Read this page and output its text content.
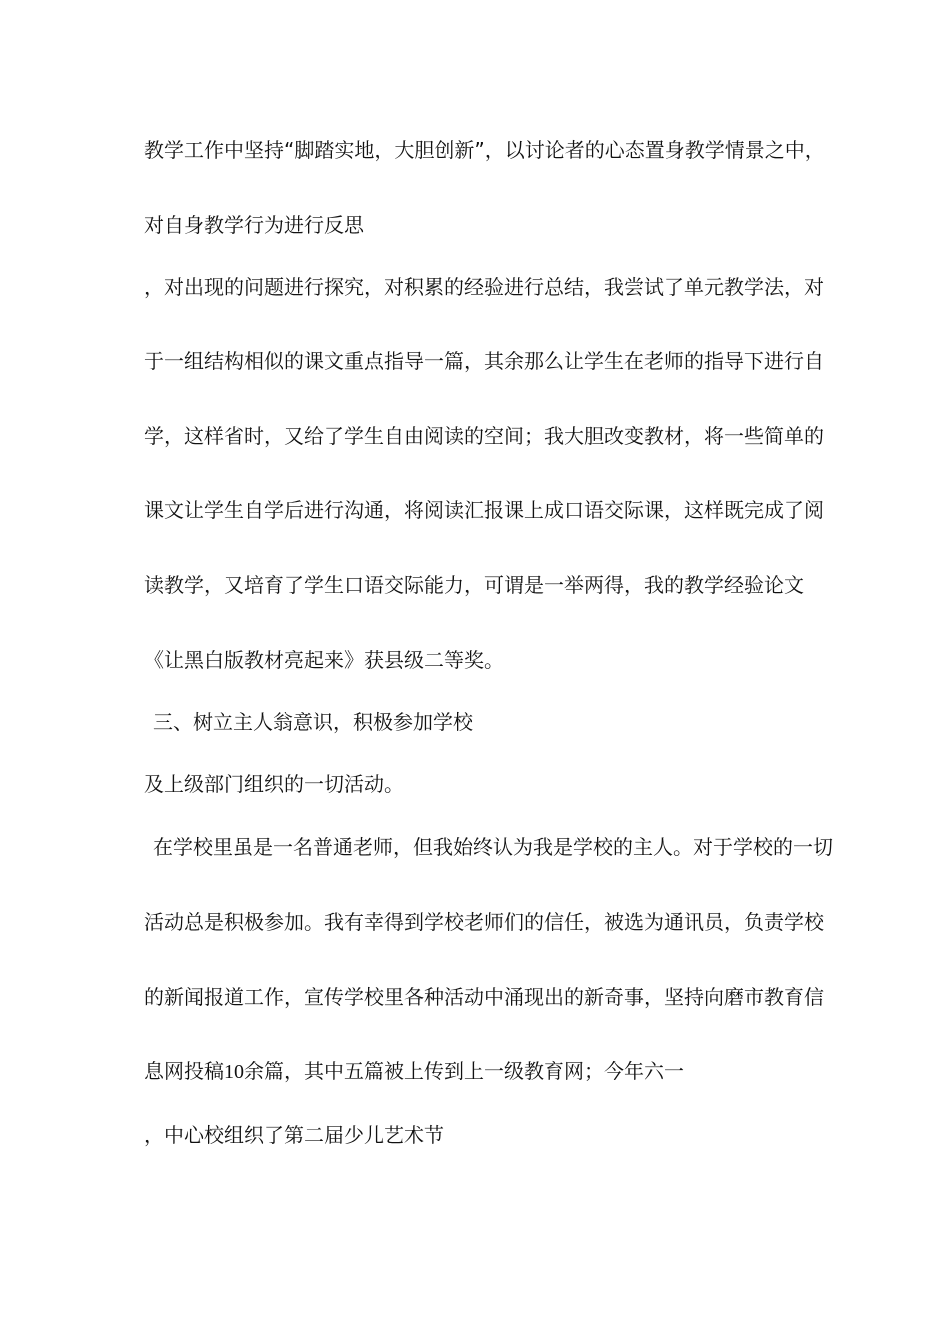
教学工作中坚持“脚踏实地，大胆创新”，以讨论者的心态置身教学情景之中，
对自身教学行为进行反思
，对出现的问题进行探究，对积累的经验进行总结，我尝试了单元教学法，对
于一组结构相似的课文重点指导一篇，其余那么让学生在老师的指导下进行自
学，这样省时，又给了学生自由阅读的空间；我大胆改变教材，将一些简单的
课文让学生自学后进行沟通，将阅读汇报课上成口语交际课，这样既完成了阅
读教学，又培育了学生口语交际能力，可谓是一举两得，我的教学经验论文
《让黑白版教材亮起来》获县级二等奖。
三、树立主人翁意识，积极参加学校
及上级部门组织的一切活动。
在学校里虽是一名普通老师，但我始终认为我是学校的主人。对于学校的一切
活动总是积极参加。我有幸得到学校老师们的信任，被选为通讯员，负责学校
的新闻报道工作，宣传学校里各种活动中涌现出的新奇事，坚持向磨市教育信
息网投稿10余篇，其中五篇被上传到上一级教育网；今年六一
，中心校组织了第二届少儿艺术节
